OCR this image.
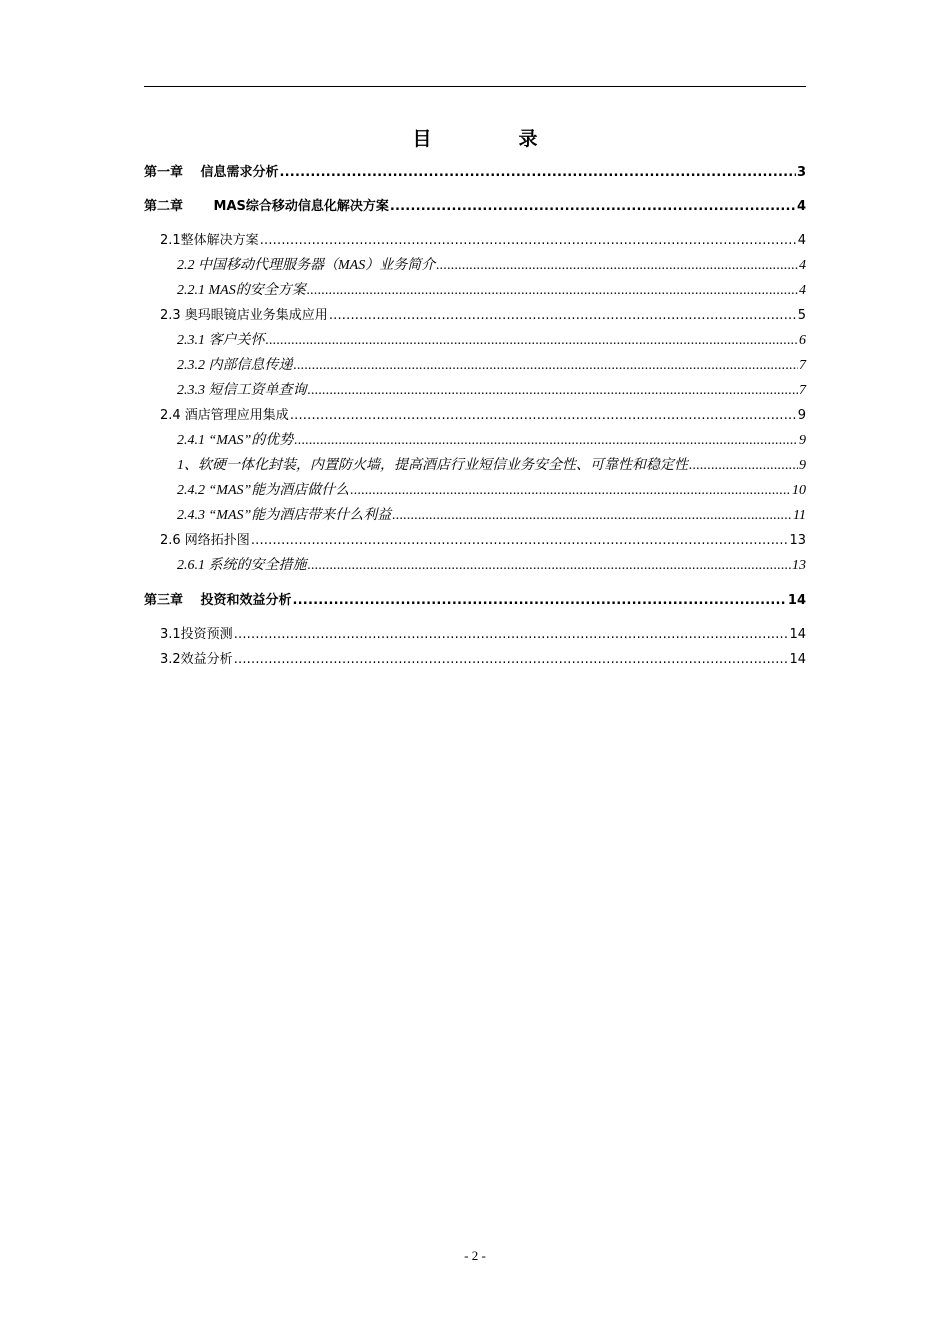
目　录
第一章　 信息需求分析 .....	3
第二章　　 MAS综合移动信息化解决方案 .....	4
2.1整体解决方案 .....	4
2.2 中国移动代理服务器（MAS）业务简介 .....	4
2.2.1 MAS的安全方案 .....	4
2.3 奥玛眼镜店业务集成应用 .....	5
2.3.1 客户关怀 .....	6
2.3.2 内部信息传递 .....	7
2.3.3 短信工资单查询 .....	7
2.4 酒店管理应用集成 .....	9
2.4.1 “MAS”的优势 .....	9
1、软硬一体化封装，内置防火墙，提高酒店行业短信业务安全性、可靠性和稳定性 .....	9
2.4.2 “MAS”能为酒店做什么 .....	10
2.4.3 “MAS”能为酒店带来什么利益 .....	11
2.6 网络拓扑图 .....	13
2.6.1 系统的安全措施 .....	13
第三章　 投资和效益分析 .....	14
3.1投资预测 .....	14
3.2效益分析 .....	14
- 2 -
